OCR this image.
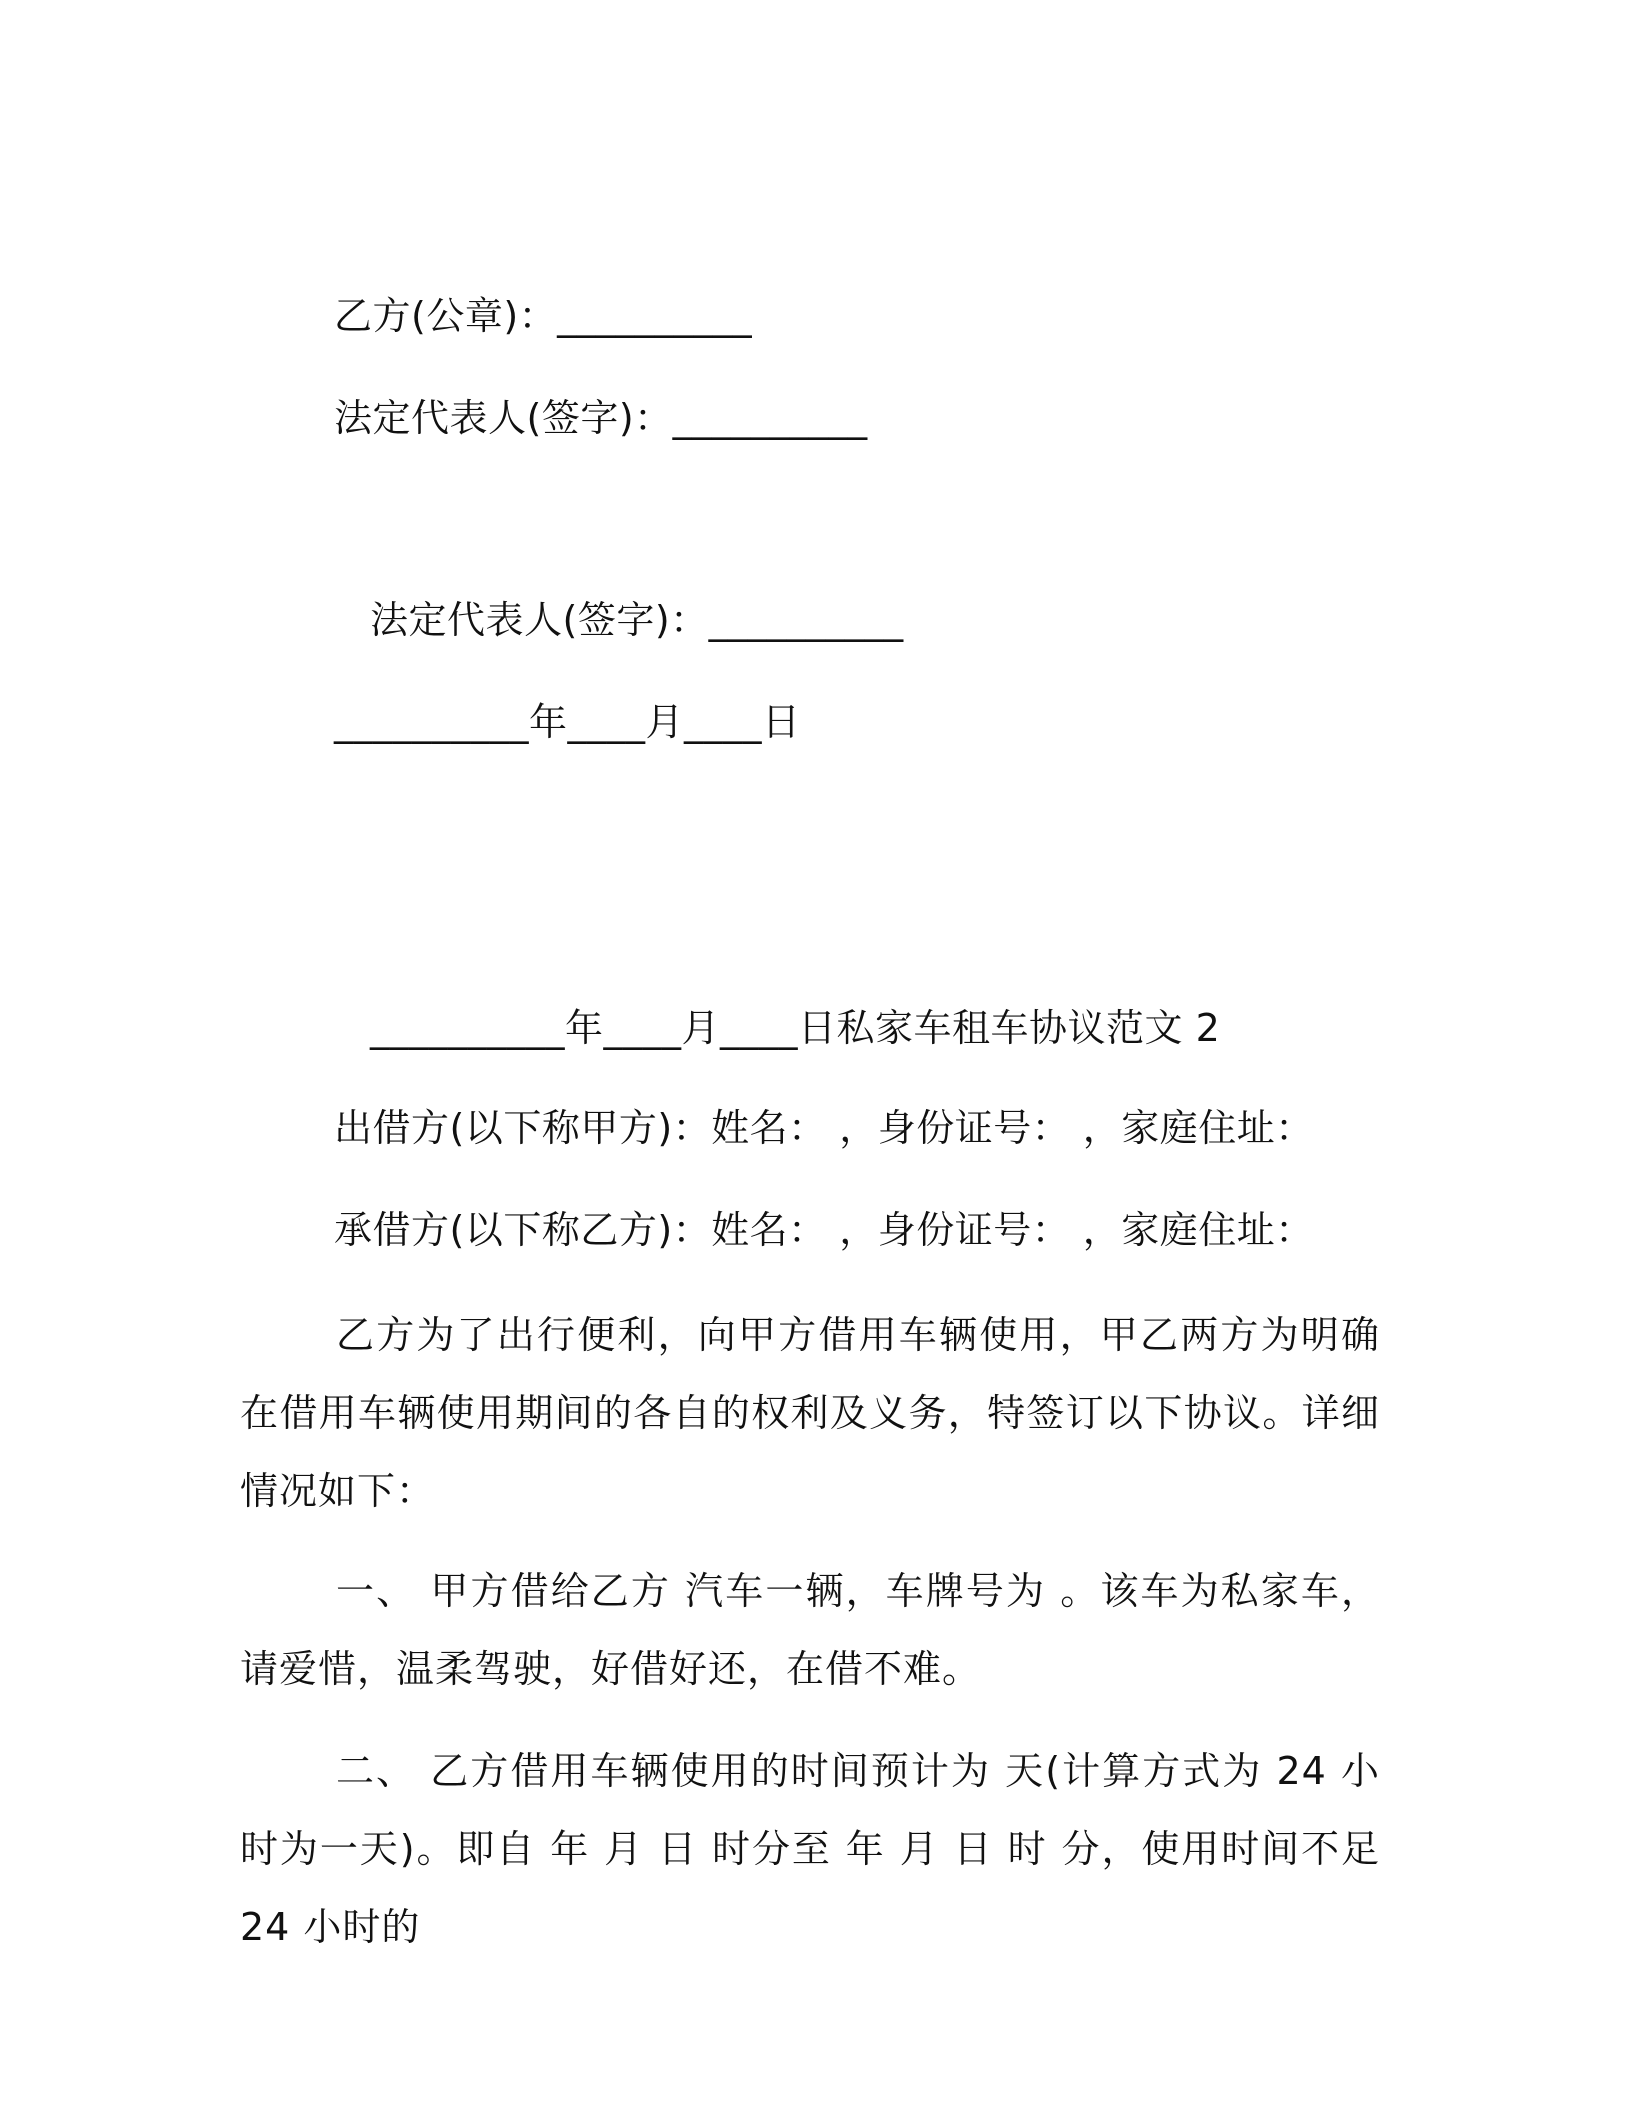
乙方(公章)：__________
法定代表人(签字)：__________
法定代表人(签字)：__________
__________年____月____日
__________年____月____日私家车租车协议范文 2
出借方(以下称甲方)：姓名： ，身份证号： ，家庭住址：
承借方(以下称乙方)：姓名： ，身份证号： ，家庭住址：
乙方为了出行便利，向甲方借用车辆使用，甲乙两方为明确在借用车辆使用期间的各自的权利及义务，特签订以下协议。详细情况如下：
一、 甲方借给乙方 汽车一辆，车牌号为 。该车为私家车，请爱惜，温柔驾驶，好借好还，在借不难。
二、 乙方借用车辆使用的时间预计为 天(计算方式为 24 小时为一天)。即自 年 月 日 时分至 年 月 日 时 分，使用时间不足 24 小时的
